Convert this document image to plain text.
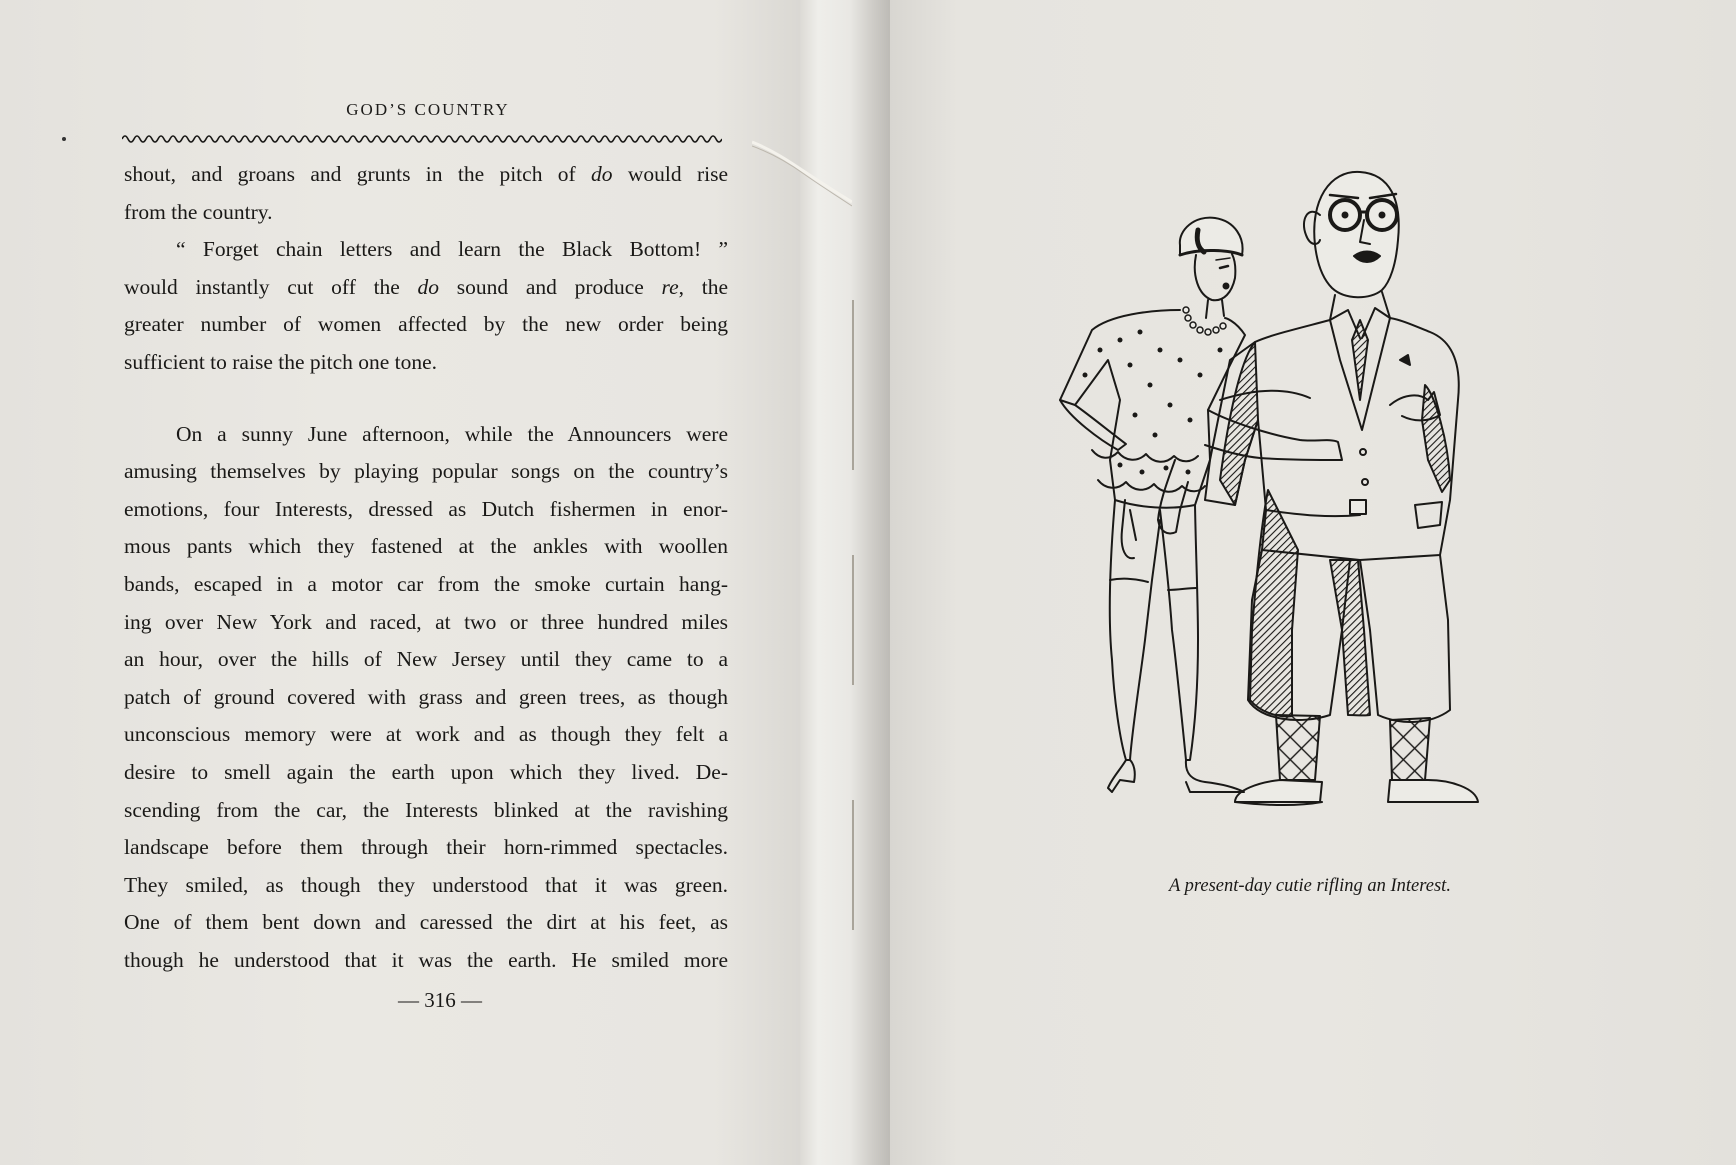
GOD’S COUNTRY
shout, and groans and grunts in the pitch of do would rise
from the country.
“ Forget chain letters and learn the Black Bottom! ”
would instantly cut off the do sound and produce re, the
greater number of women affected by the new order being
sufficient to raise the pitch one tone.
On a sunny June afternoon, while the Announcers were
amusing themselves by playing popular songs on the country’s
emotions, four Interests, dressed as Dutch fishermen in enor-
mous pants which they fastened at the ankles with woollen
bands, escaped in a motor car from the smoke curtain hang-
ing over New York and raced, at two or three hundred miles
an hour, over the hills of New Jersey until they came to a
patch of ground covered with grass and green trees, as though
unconscious memory were at work and as though they felt a
desire to smell again the earth upon which they lived. De-
scending from the car, the Interests blinked at the ravishing
landscape before them through their horn-rimmed spectacles.
They smiled, as though they understood that it was green.
One of them bent down and caressed the dirt at his feet, as
though he understood that it was the earth. He smiled more
— 316 —
A present-day cutie rifling an Interest.
